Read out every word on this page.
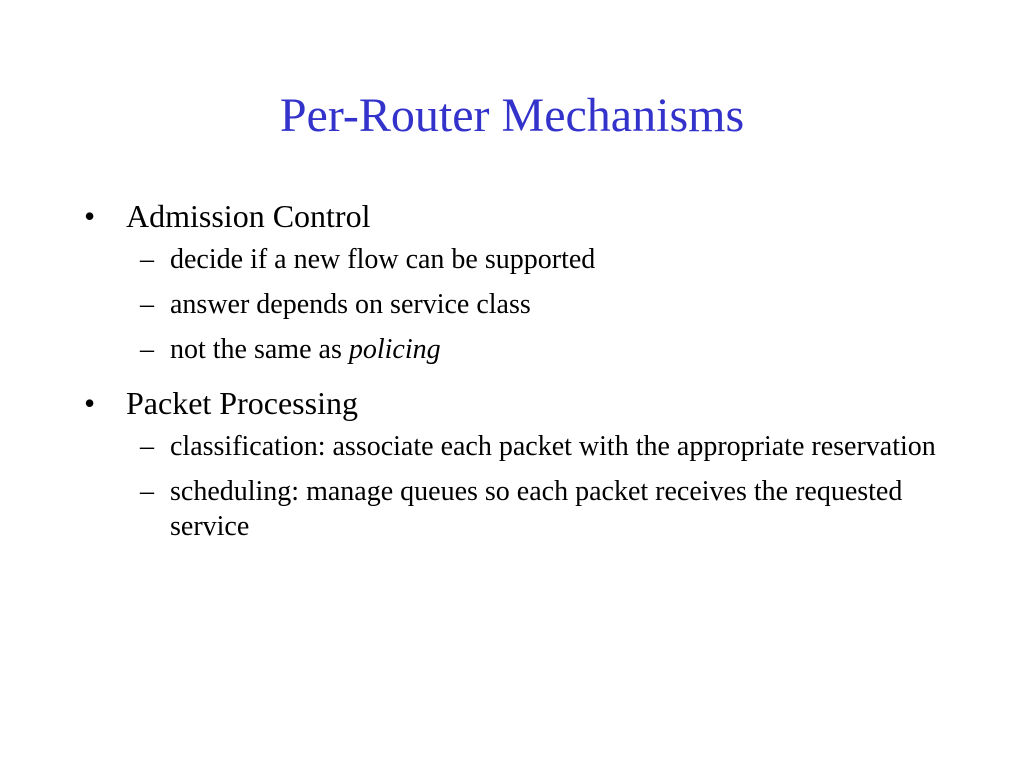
Per-Router Mechanisms
• Admission Control
– decide if a new flow can be supported
– answer depends on service class
– not the same as policing
• Packet Processing
– classification: associate each packet with the appropriate reservation
– scheduling: manage queues so each packet receives the requested service
